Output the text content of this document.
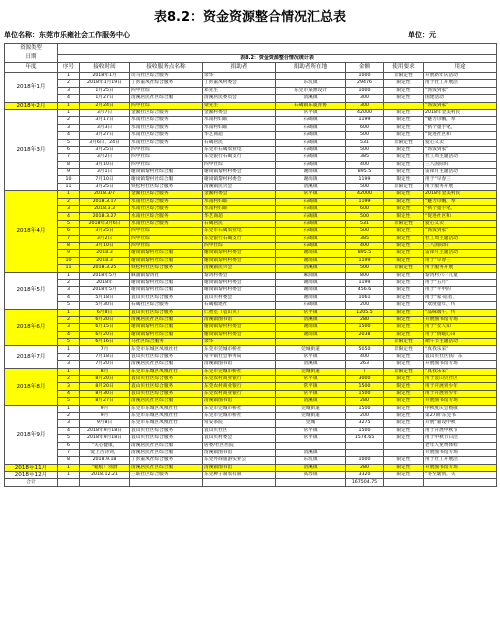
表8.2：资金资源整合情况汇总表
单位名称：东莞市乐雍社会工作服务中心	单位：元
资源类型
日期								
	表8.2：资金资源整合情况统计表							
年度	序号	接收时间	接收服务点名称	捐助者	捐助者所在地	金额	使用要求	用途
2018年1月	1	2018年1月	司马社区综合服务	余华		1000	非限定性	开展新年庆活动
	2	2018年1月19日	丁彭董凤社综合服务	丁彭董凤村委会	东坑镇	29476	限定性	用于社工开展活
	3	1月25日	四甲社综	邓先生	东莞市某源设计	1000	限定性	“汤饭到家”
	4	1月27日	清溪居民社区综合服	清溪居民委员会	清溪镇	300	限定性	国建活动
2018年2月	1	2月24日	四甲社综	梁先生	石碣镇东厦青协	300		“汤饭到家”
2018年3月	1	3月7日	金鳌社区综合服务	金鳌村委会	常平镇	42000	限定性	2018年金美村民
	2	3月17日	水南社区综合服务	水南村妇联	石碣镇	1199	限定性	“魅力巾帼，奉
	3	3月3日	水南社区综合服务	水南村妇联	石碣镇	600	限定性	“执个童手笔，
	4	3月27日	水南社区综合服务	华艺商超	石碣镇	500	限定性	“促进社区和
	5	3月6日、24日	水南社区综合服务	石碣居民	石碣镇	531	非限定性	爱心义卖
	6	3月25日	四甲社综	东莞市石碣农业电	石碣镇	500	限定性	“汤饭到家”
	7	3月2日	四甲社综	东莞银行石碣支行	石碣镇	385	限定性	社工周主题活动
	8	3月10日	四甲社综	四甲社综	石碣镇	400	限定性	三八国际妇
	9	3月1日	谢岗镇黎村社综合服	谢岗镇黎村村委会	谢岗镇	895.5	限定性	雷锋月主题活动
	10	7月10日	谢岗镇黎村社综合服	谢岗镇黎村村委会	谢岗镇	1199	限定性	用于“早春三
	11	3月25日	铁松村社区综合服务	清溪镇民兴会	清溪镇	500	非限定性	用于服务开展
2018年4月	1	2018.3/7	金鳌社区综合服务	金鳌村委会	常平镇	42000	限定性	2018年金美村民
	2	2018.3.17	水南社区综合服务	水南村妇联	石碣镇	1199	限定性	“魅力巾帼，奉
	3	2018.3.3	水南社区综合服务	水南村妇联	石碣镇	600	限定性	“执个童手笔，
	4	2018.3.27	水南社区综合服务	华艺商超	石碣镇	500	限定性	“促进社区和
	5	2018年3月6日	水南社区综合服务	石碣居民	石碣镇	531	非限定性	爱心义卖
	6	3月25日	四甲社综	东莞市石碣农业电	石碣镇	500	限定性	“汤饭到家”
	7	3月2日	四甲社综	东莞银行石碣支行	石碣镇	385	限定性	社工周主题活动
	8	3月10日	四甲社综	四甲社综	石碣镇	400	限定性	三八国际妇
	9	2018.3	谢岗镇黎村社综合服	谢岗镇黎村村委会	谢岗镇	895.5	限定性	雷锋月主题活动
	10	2018.3	谢岗镇黎村社综合服	谢岗镇黎村村委会	谢岗镇	1199	限定性	用于“早春三
	11	2018.3.25	铁松村社区综合服务	清溪镇民兴会	清溪镇	500	非限定性	用于服务开展
2018年5月	1	2018年5月	麻涌镇黎湾社	黎湾村委会	麻涌镇	800	限定性	黎湾村六一儿童
	2	2018年	谢岗镇黎村社综合服	谢岗镇黎村村委会	谢岗镇	1199	限定性	用于“五月”
	3	2018年5月	谢岗镇黎村社综合服	谢岗镇黎村村委会	谢岗镇	456.6	限定性	用于“平中的
	4	5月18日	袁山贝社区综合服务	袁山贝村委会	谢岗镇	1061	限定性	用于“家·陪者，
	5	5月30日	石碣社区综合服务	石碣福建社	石碣镇	200	限定性	“欢度童年，传
2018年6月	1	6月8日	袁山贝社区综合服务	仁智室（袁山贝）	常平镇	1205.5	限定性	“品味端午，传
	2	6月20日	清溪居民社区综合服	清溪镇图书馆	清溪镇	280	限定性	开展图书馆专场
	3	6月15日	谢岗镇黎村社综合服	谢岗镇黎村村委会	谢岗镇	1500	限定性	用于“女人知
	4	6月20日	谢岗镇黎村社综合服	谢岗镇黎村村委会	谢岗镇	2038	限定性	用于“情暖心田
	5	6月16日	马社区综合服务	余华			非限定性	端午节主题活动
2018年7月	1	7月	东莞市东城区凤凰社社	东莞市莞城市桥社	莞城街道	5050	非限定性	“真我乐采”
	2	7月18日	袁山贝社区综合服务	常平镇社会事务局	常平镇	400	限定性	袁山贝社区扶广东
	3	7月20日	清溪居民社区综合服	清溪镇图书馆	清溪镇	263	限定性	开展图书馆专场
2018年8月	1	8月	东莞市东城区凤凰社社	东莞市莞城市桥社	莞城街道	/	非限定性	“真我乐采”
	2	8月20日	袁山贝社区综合服务	东莞农村商业银行	常平镇	3000	限定性	用于袁山贝社区
	3	8月20日	袁山贝社区综合服务	东莞农村商业银行	常平镇	1500	限定性	用于开展青少年
	4	8月30日	袁山贝社区综合服务	东莞农村商业银行	常平镇	1500	限定性	用于开展青少年
	5	8月27日	清溪居民社区综合服	清溪镇图书馆	清溪镇	280	限定性	开展图书馆专场
2018年9月	1	9月	东莞市东城区凤凰社社	东莞市莞城市桥社	莞城街道	1500	限定性	中秋度庆会暨敬
	2	9月	东莞市东城区凤凰社社	东莞市莞城市桥社	莞城街道	200	限定性	第27期‘东莞书
	3	9月8日	东莞市东城区凤凰社社	常安茶院	莞城	3275	限定性	开展“嘉设中秋
	4	2018年9月18日	袁山贝社区综合服务	袁山贝社区	常平镇	1500	限定性	用于开展中秋节
	5	2018年9月18日	袁山贝社区综合服务	袁山贝村委会	常平镇	1574.65	限定性	用于中秋节日活
	6	“关心健康，	清溪居民社区综合服	居委/社区医院				老年人免费体检
	7	爱上古诗词，	清溪居民社区综合服	清溪镇图书馆	清溪镇			开展图书馆专场
	8	2018.9.18	丁彭董凤社综合服务	东莞外商旅游实业公	东坑镇	1000	限定性	用于社工开展活
2018年11月	1	“鬆痕！别潜	清溪居民社区综合服	清溪镇图书馆	清溪镇	280	限定性	开展图书馆专场
2018年12月	1	2018.12.21	三联社区综合服务	东莞种子制农有限	高埗镇	3320	限定性	“冬至暖情，关
合计						167504.75		
